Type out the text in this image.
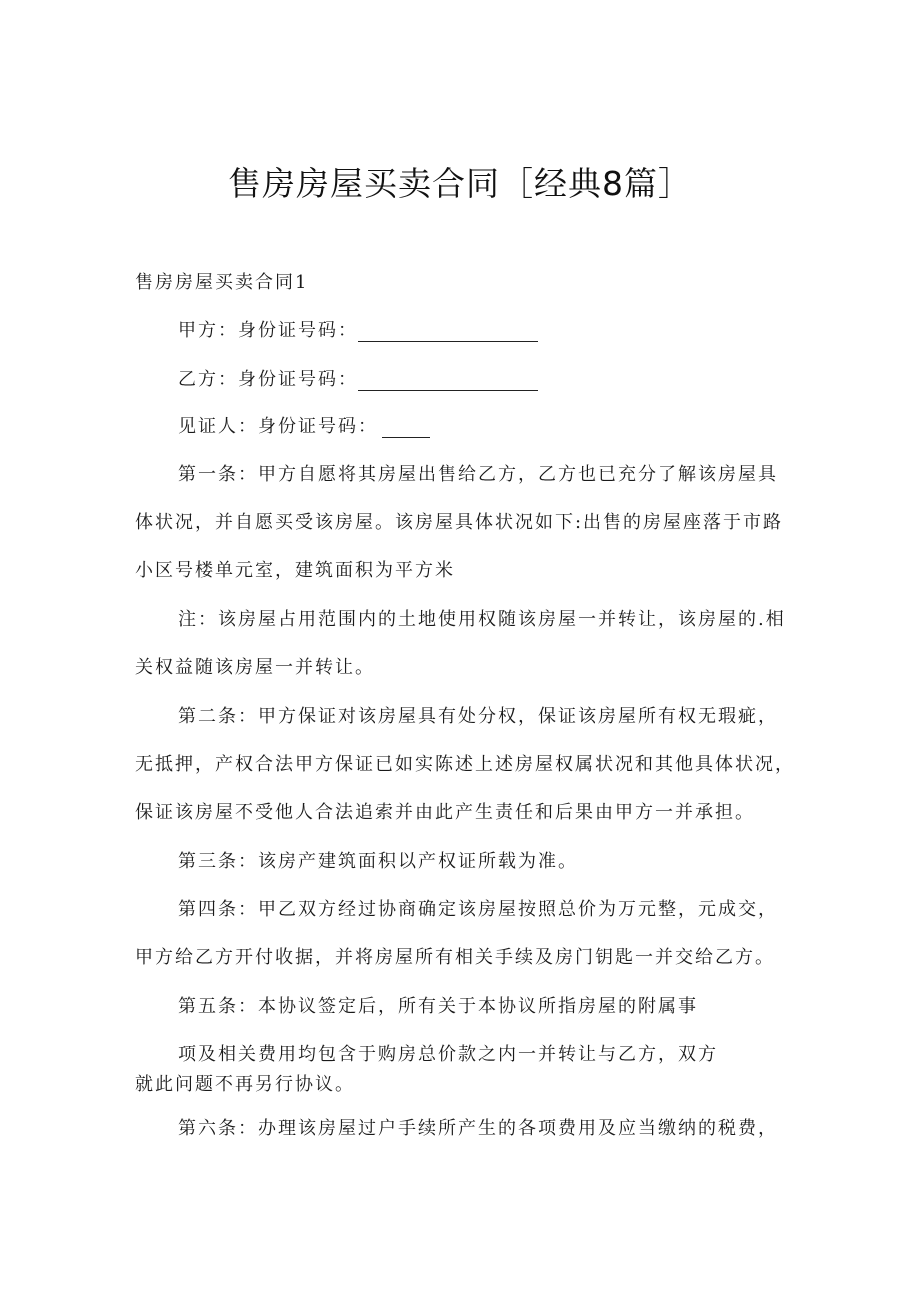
售房房屋买卖合同［经典8篇］
售房房屋买卖合同1
甲方：身份证号码：
乙方：身份证号码：
见证人：身份证号码：
第一条：甲方自愿将其房屋出售给乙方，乙方也已充分了解该房屋具
体状况，并自愿买受该房屋。该房屋具体状况如下:出售的房屋座落于市路
小区号楼单元室，建筑面积为平方米
注：该房屋占用范围内的土地使用权随该房屋一并转让，该房屋的.相
关权益随该房屋一并转让。
第二条：甲方保证对该房屋具有处分权，保证该房屋所有权无瑕疵，
无抵押，产权合法甲方保证已如实陈述上述房屋权属状况和其他具体状况，
保证该房屋不受他人合法追索并由此产生责任和后果由甲方一并承担。
第三条：该房产建筑面积以产权证所载为准。
第四条：甲乙双方经过协商确定该房屋按照总价为万元整，元成交，
甲方给乙方开付收据，并将房屋所有相关手续及房门钥匙一并交给乙方。
第五条：本协议签定后，所有关于本协议所指房屋的附属事
项及相关费用均包含于购房总价款之内一并转让与乙方，双方
就此问题不再另行协议。
第六条：办理该房屋过户手续所产生的各项费用及应当缴纳的税费，
